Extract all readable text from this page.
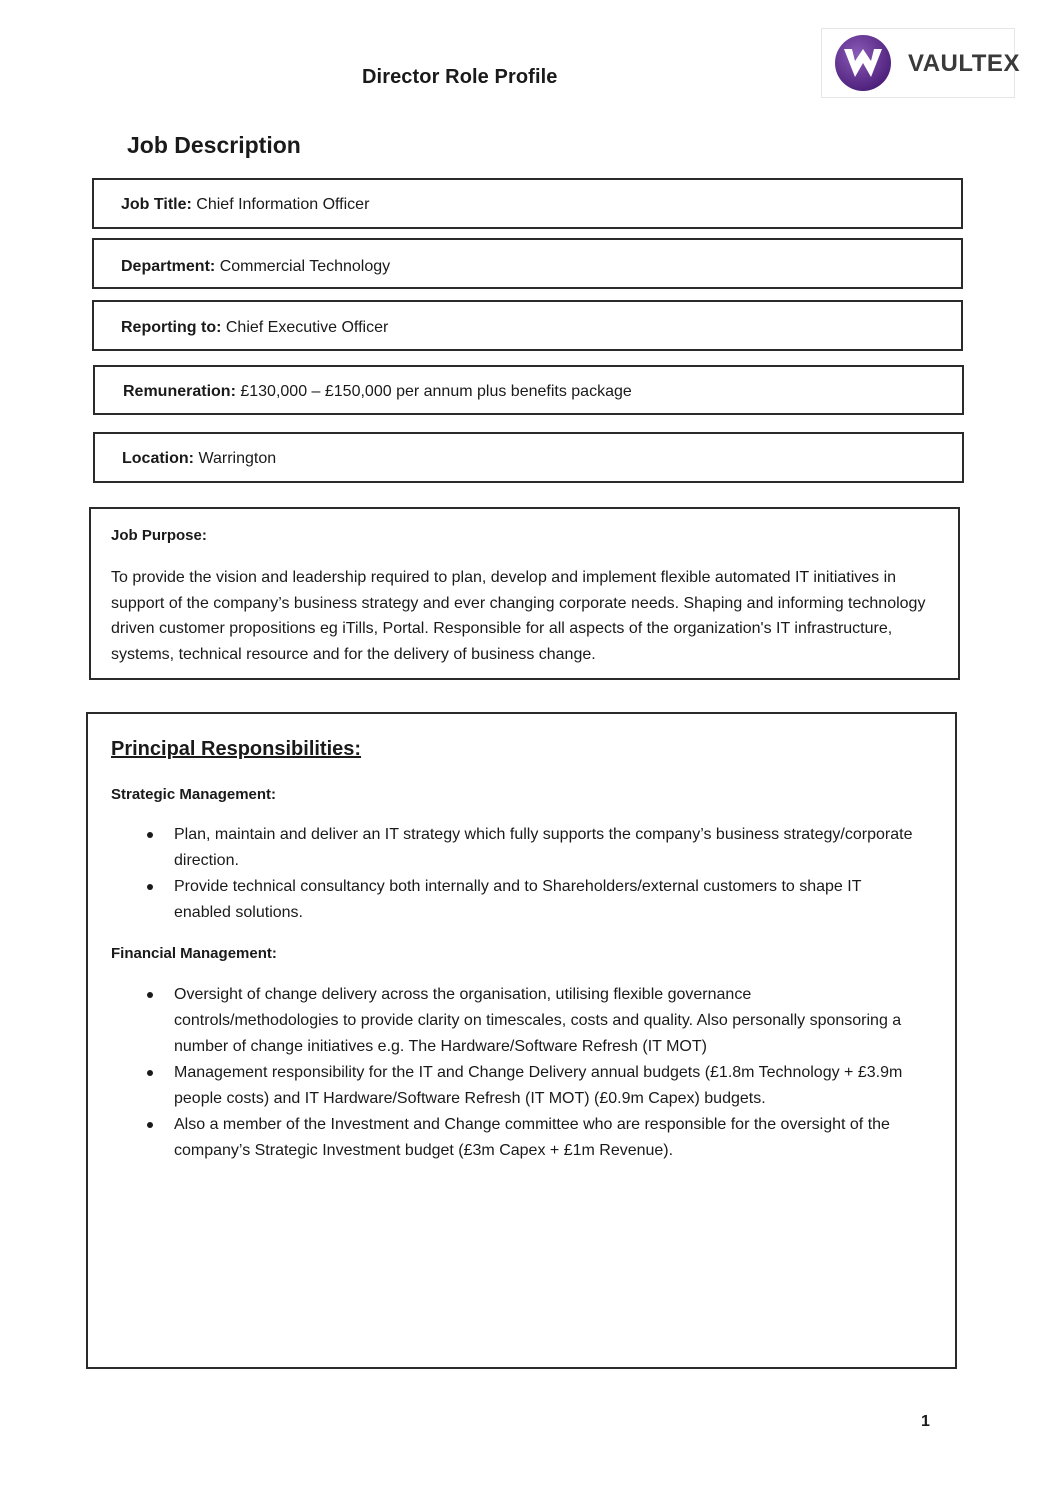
Director Role Profile	VAULTEX
Job Description
Job Title: Chief Information Officer
Department: Commercial Technology
Reporting to: Chief Executive Officer
Remuneration: £130,000 – £150,000 per annum plus benefits package
Location: Warrington
Job Purpose:
To provide the vision and leadership required to plan, develop and implement flexible automated IT initiatives in support of the company’s business strategy and ever changing corporate needs. Shaping and informing technology driven customer propositions eg iTills, Portal. Responsible for all aspects of the organization's IT infrastructure, systems, technical resource and for the delivery of business change.
Principal Responsibilities:
Strategic Management:
Plan, maintain and deliver an IT strategy which fully supports the company’s business strategy/corporate direction.
Provide technical consultancy both internally and to Shareholders/external customers to shape IT enabled solutions.
Financial Management:
Oversight of change delivery across the organisation, utilising flexible governance controls/methodologies to provide clarity on timescales, costs and quality. Also personally sponsoring a number of change initiatives e.g. The Hardware/Software Refresh (IT MOT)
Management responsibility for the IT and Change Delivery annual budgets (£1.8m Technology + £3.9m people costs) and IT Hardware/Software Refresh (IT MOT) (£0.9m Capex) budgets.
Also a member of the Investment and Change committee who are responsible for the oversight of the company’s Strategic Investment budget (£3m Capex + £1m Revenue).
1
